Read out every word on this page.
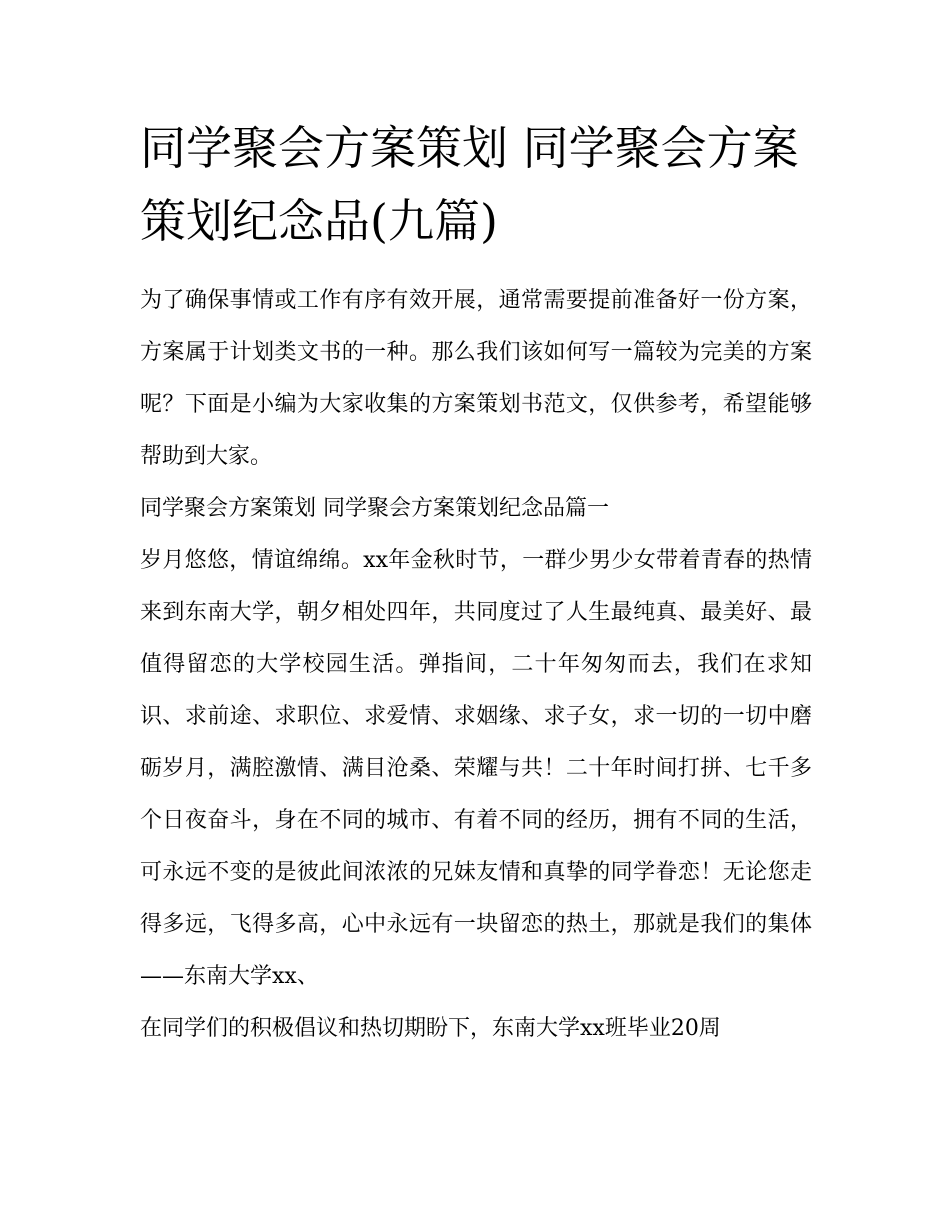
同学聚会方案策划 同学聚会方案策划纪念品(九篇)

为了确保事情或工作有序有效开展，通常需要提前准备好一份方案，方案属于计划类文书的一种。那么我们该如何写一篇较为完美的方案呢？下面是小编为大家收集的方案策划书范文，仅供参考，希望能够帮助到大家。

同学聚会方案策划 同学聚会方案策划纪念品篇一

岁月悠悠，情谊绵绵。xx年金秋时节，一群少男少女带着青春的热情来到东南大学，朝夕相处四年，共同度过了人生最纯真、最美好、最值得留恋的大学校园生活。弹指间，二十年匆匆而去，我们在求知识、求前途、求职位、求爱情、求姻缘、求子女，求一切的一切中磨砺岁月，满腔激情、满目沧桑、荣耀与共！二十年时间打拼、七千多个日夜奋斗，身在不同的城市、有着不同的经历，拥有不同的生活，可永远不变的是彼此间浓浓的兄妹友情和真挚的同学眷恋！无论您走得多远，飞得多高，心中永远有一块留恋的热土，那就是我们的集体——东南大学xx、

在同学们的积极倡议和热切期盼下，东南大学xx班毕业20周
